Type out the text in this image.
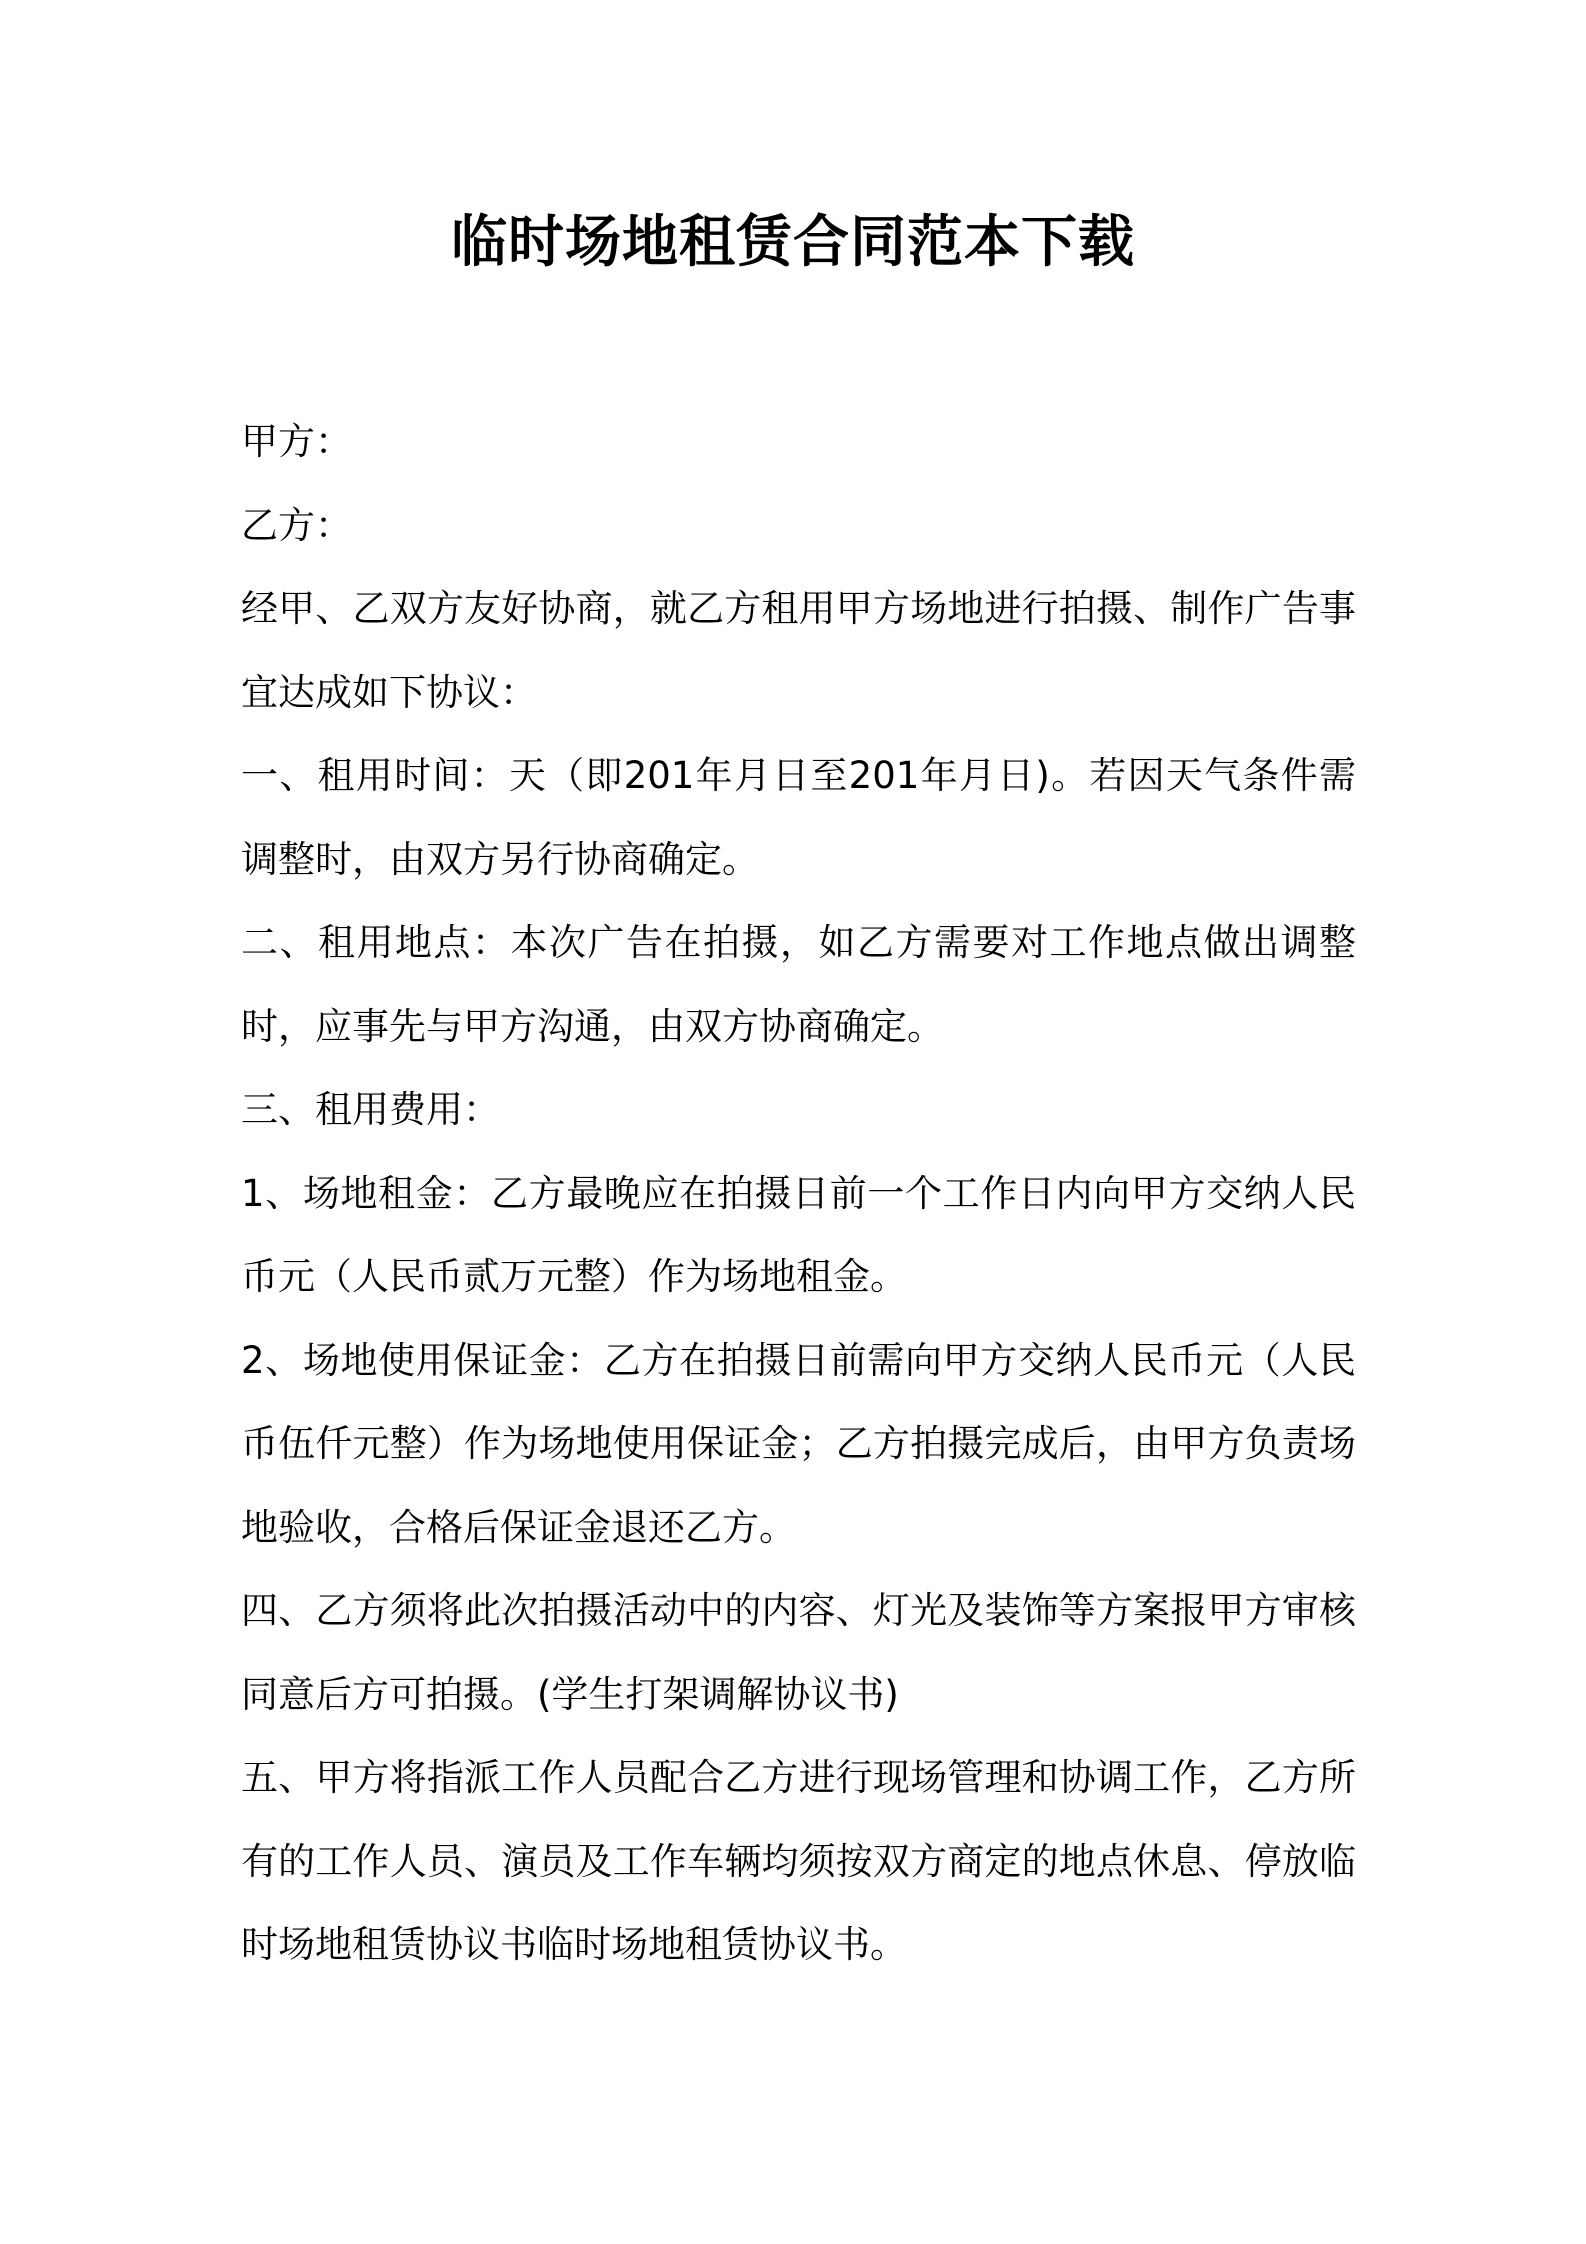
临时场地租赁合同范本下载

甲方：

乙方：

经甲、乙双方友好协商，就乙方租用甲方场地进行拍摄、制作广告事宜达成如下协议：

一、租用时间：天（即201年月日至201年月日)。若因天气条件需调整时，由双方另行协商确定。

二、租用地点：本次广告在拍摄，如乙方需要对工作地点做出调整时，应事先与甲方沟通，由双方协商确定。

三、租用费用：

1、场地租金：乙方最晚应在拍摄日前一个工作日内向甲方交纳人民币元（人民币贰万元整）作为场地租金。

2、场地使用保证金：乙方在拍摄日前需向甲方交纳人民币元（人民币伍仟元整）作为场地使用保证金；乙方拍摄完成后，由甲方负责场地验收，合格后保证金退还乙方。

四、乙方须将此次拍摄活动中的内容、灯光及装饰等方案报甲方审核同意后方可拍摄。(学生打架调解协议书)

五、甲方将指派工作人员配合乙方进行现场管理和协调工作，乙方所有的工作人员、演员及工作车辆均须按双方商定的地点休息、停放临时场地租赁协议书临时场地租赁协议书。
